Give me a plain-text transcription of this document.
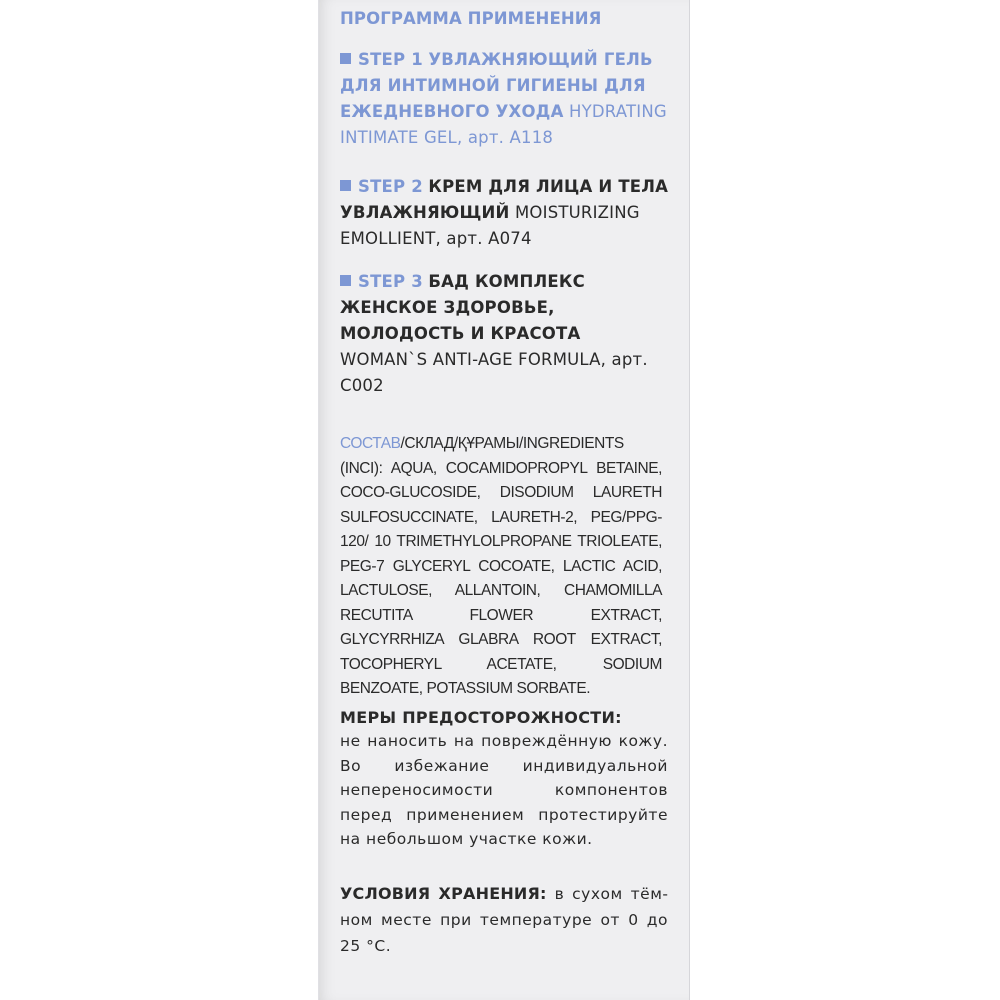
ПРОГРАММА ПРИМЕНЕНИЯ
STEP 1 УВЛАЖНЯЮЩИЙ ГЕЛЬ ДЛЯ ИНТИМНОЙ ГИГИЕНЫ ДЛЯ ЕЖЕДНЕВНОГО УХОДА HYDRATING INTIMATE GEL, арт. A118
STEP 2 КРЕМ ДЛЯ ЛИЦА И ТЕЛА УВЛАЖНЯЮЩИЙ MOISTURIZING EMOLLIENT, арт. A074
STEP 3 БАД КОМПЛЕКС ЖЕНСКОЕ ЗДОРОВЬЕ, МОЛОДОСТЬ И КРАСОТА WOMAN`S ANTI-AGE FORMULA, арт. C002
СОСТАВ/СКЛАД/ҚҰРАМЫ/INGREDIENTS (INCI): AQUA, COCAMIDOPROPYL BETAINE, COCO-GLUCOSIDE, DISODIUM LAURETH SULFOSUCCINATE, LAURETH-2, PEG/PPG-120/ 10 TRIMETHYLOLPROPANE TRIOLEATE, PEG-7 GLYCERYL COCOATE, LACTIC ACID, LACTULOSE, ALLANTOIN, CHAMOMILLA RECUTITA FLOWER EXTRACT, GLYCYRRHIZA GLABRA ROOT EXTRACT, TOCOPHERYL ACETATE, SODIUM BENZOATE, POTASSIUM SORBATE.
МЕРЫ ПРЕДОСТОРОЖНОСТИ:
не наносить на повреждённую кожу. Во избежание индивидуальной непереносимости компонентов перед применением протестируйте на небольшом участке кожи.
УСЛОВИЯ ХРАНЕНИЯ: в сухом тёмном месте при температуре от 0 до 25 °С.
